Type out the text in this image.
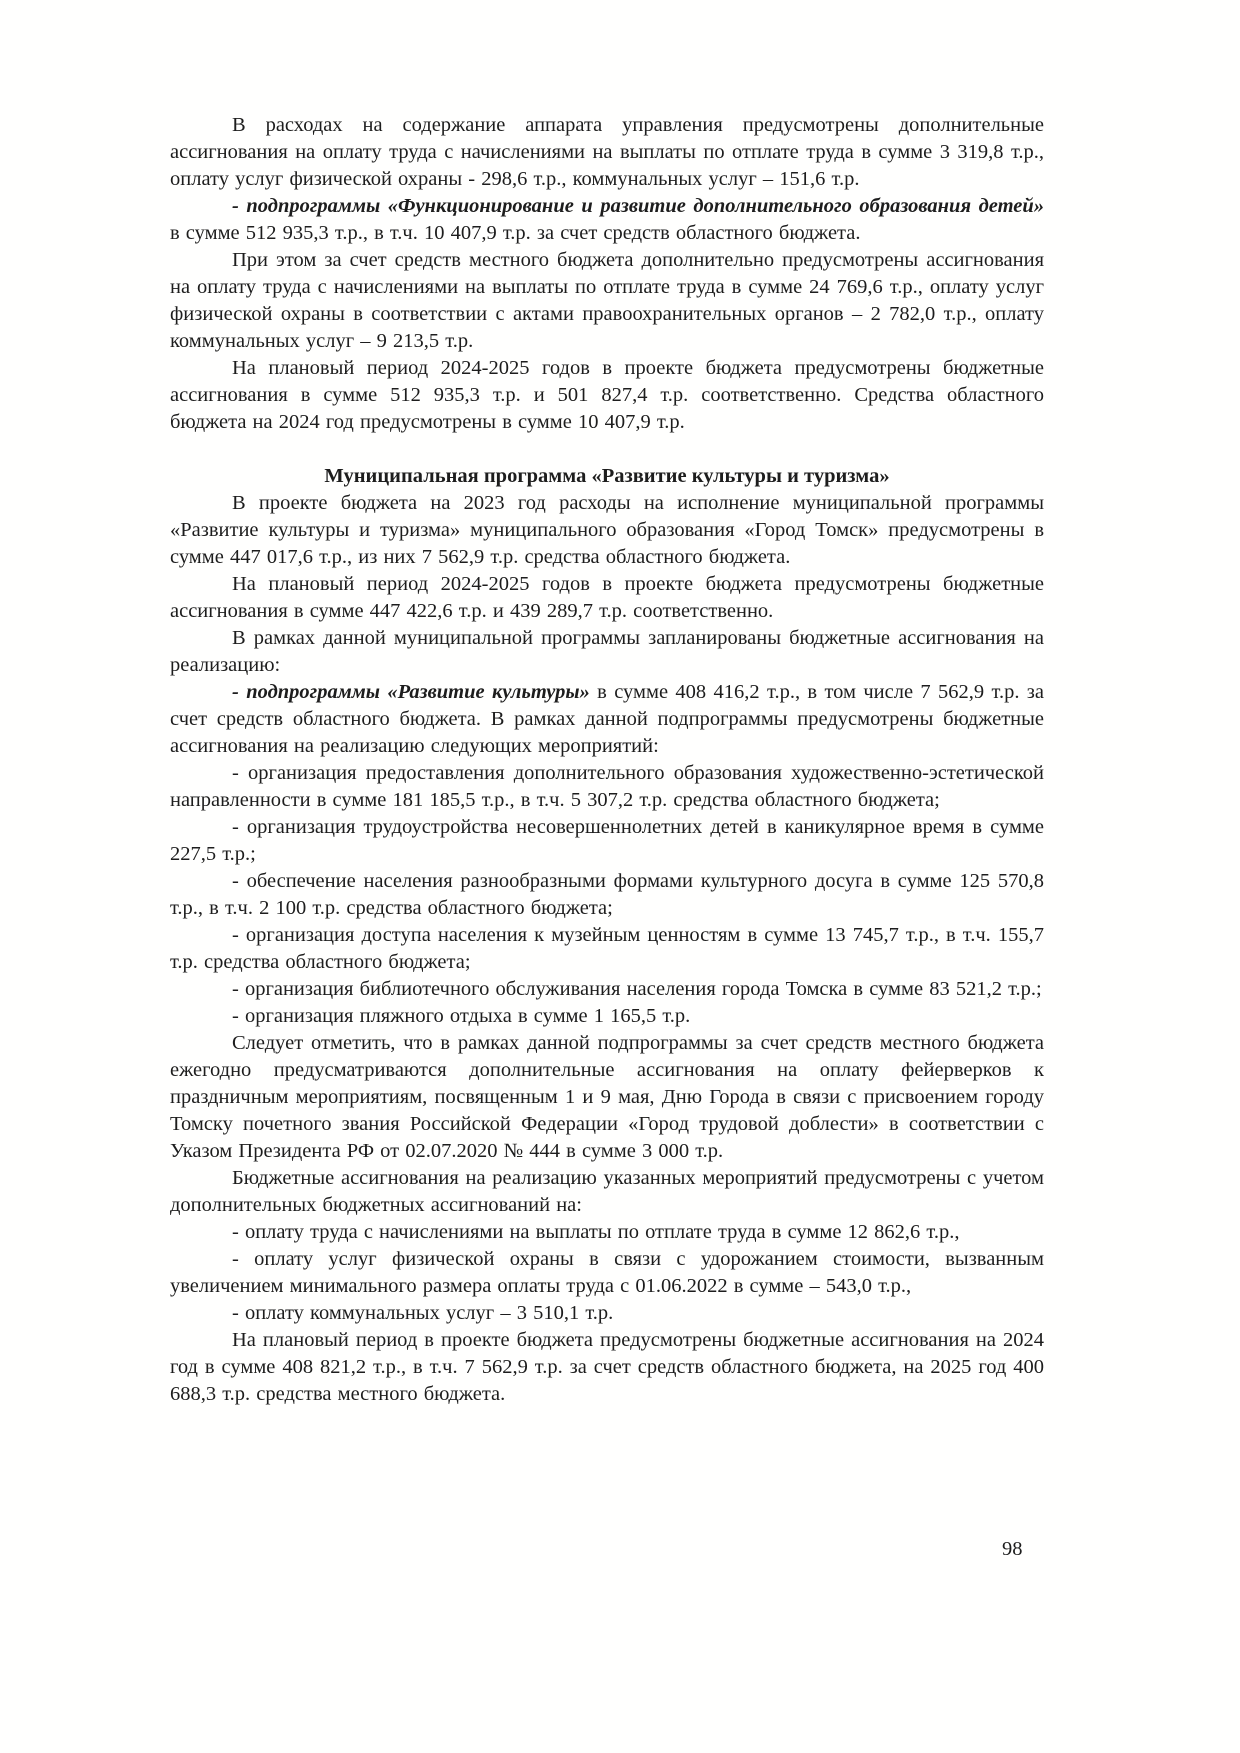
В расходах на содержание аппарата управления предусмотрены дополнительные ассигнования на оплату труда с начислениями на выплаты по отплате труда в сумме 3 319,8 т.р., оплату услуг физической охраны - 298,6 т.р., коммунальных услуг – 151,6 т.р.

- подпрограммы «Функционирование и развитие дополнительного образования детей» в сумме 512 935,3 т.р., в т.ч. 10 407,9 т.р. за счет средств областного бюджета.

При этом за счет средств местного бюджета дополнительно предусмотрены ассигнования на оплату труда с начислениями на выплаты по отплате труда в сумме 24 769,6 т.р., оплату услуг физической охраны в соответствии с актами правоохранительных органов – 2 782,0 т.р., оплату коммунальных услуг – 9 213,5 т.р.

На плановый период 2024-2025 годов в проекте бюджета предусмотрены бюджетные ассигнования в сумме 512 935,3 т.р. и 501 827,4 т.р. соответственно. Средства областного бюджета на 2024 год предусмотрены в сумме 10 407,9 т.р.

Муниципальная программа «Развитие культуры и туризма»

В проекте бюджета на 2023 год расходы на исполнение муниципальной программы «Развитие культуры и туризма» муниципального образования «Город Томск» предусмотрены в сумме 447 017,6 т.р., из них 7 562,9 т.р. средства областного бюджета.

На плановый период 2024-2025 годов в проекте бюджета предусмотрены бюджетные ассигнования в сумме 447 422,6 т.р. и 439 289,7 т.р. соответственно.

В рамках данной муниципальной программы запланированы бюджетные ассигнования на реализацию:

- подпрограммы «Развитие культуры» в сумме 408 416,2 т.р., в том числе 7 562,9 т.р. за счет средств областного бюджета. В рамках данной подпрограммы предусмотрены бюджетные ассигнования на реализацию следующих мероприятий:

- организация предоставления дополнительного образования художественно-эстетической направленности в сумме 181 185,5 т.р., в т.ч. 5 307,2 т.р. средства областного бюджета;

- организация трудоустройства несовершеннолетних детей в каникулярное время в сумме 227,5 т.р.;

- обеспечение населения разнообразными формами культурного досуга в сумме 125 570,8 т.р., в т.ч. 2 100 т.р. средства областного бюджета;

- организация доступа населения к музейным ценностям в сумме 13 745,7 т.р., в т.ч. 155,7 т.р. средства областного бюджета;

- организация библиотечного обслуживания населения города Томска в сумме 83 521,2 т.р.;

- организация пляжного отдыха в сумме 1 165,5 т.р.

Следует отметить, что в рамках данной подпрограммы за счет средств местного бюджета ежегодно предусматриваются дополнительные ассигнования на оплату фейерверков к праздничным мероприятиям, посвященным 1 и 9 мая, Дню Города в связи с присвоением городу Томску почетного звания Российской Федерации «Город трудовой доблести» в соответствии с Указом Президента РФ от 02.07.2020 № 444 в сумме 3 000 т.р.

Бюджетные ассигнования на реализацию указанных мероприятий предусмотрены с учетом дополнительных бюджетных ассигнований на:

- оплату труда с начислениями на выплаты по отплате труда в сумме 12 862,6 т.р.,

- оплату услуг физической охраны в связи с удорожанием стоимости, вызванным увеличением минимального размера оплаты труда с 01.06.2022 в сумме – 543,0 т.р.,

- оплату коммунальных услуг – 3 510,1 т.р.

На плановый период в проекте бюджета предусмотрены бюджетные ассигнования на 2024 год в сумме 408 821,2 т.р., в т.ч. 7 562,9 т.р. за счет средств областного бюджета, на 2025 год 400 688,3 т.р. средства местного бюджета.

98
